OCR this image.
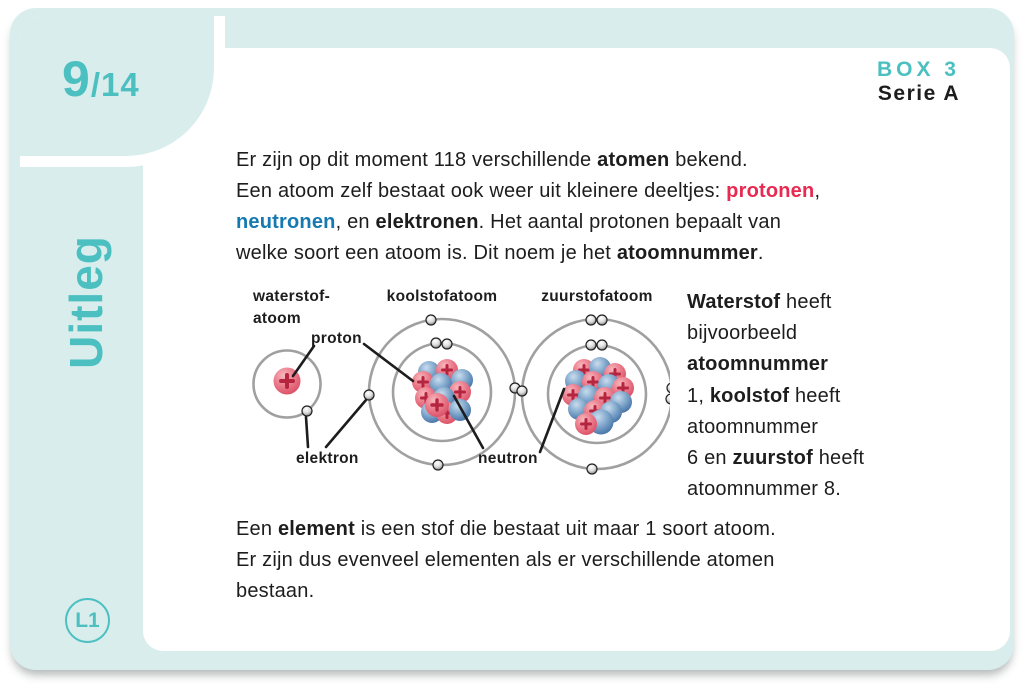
9/14	BOX 3
Serie A
Uitleg
L1
Er zijn op dit moment 118 verschillende atomen bekend.
Een atoom zelf bestaat ook weer uit kleinere deeltjes: protonen,
neutronen, en elektronen. Het aantal protonen bepaalt van
welke soort een atoom is. Dit noem je het atoomnummer.
Waterstof heeft
bijvoorbeeld
atoomnummer
1, koolstof heeft
atoomnummer
6 en zuurstof heeft
atoomnummer 8.
Een element is een stof die bestaat uit maar 1 soort atoom.
Er zijn dus evenveel elementen als er verschillende atomen
bestaan.
waterstof-
atoom
koolstofatoom	zuurstofatoom
proton
elektron	neutron
